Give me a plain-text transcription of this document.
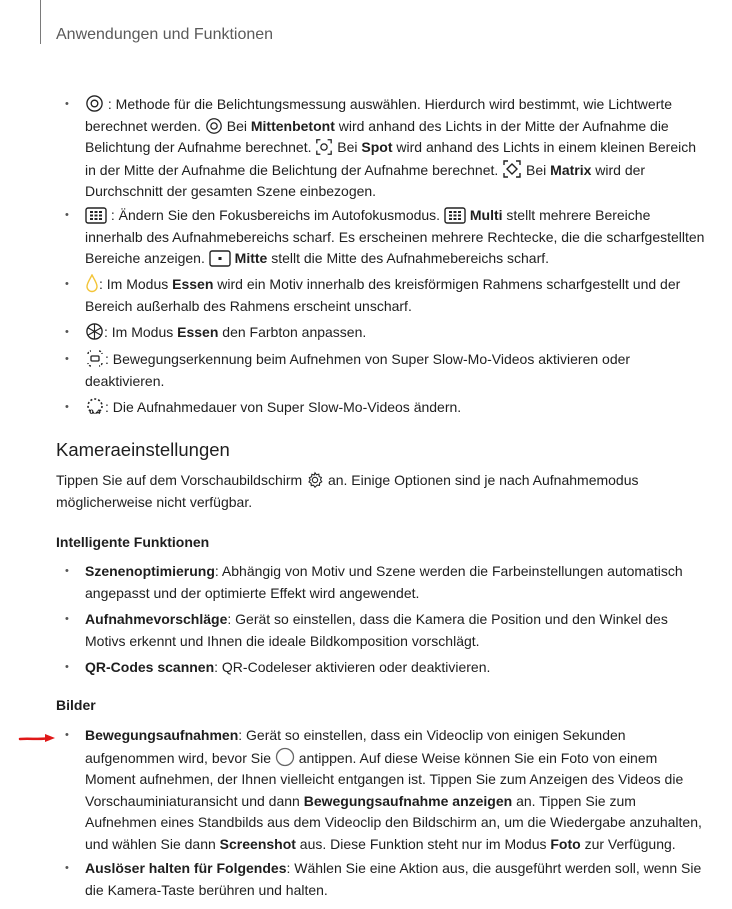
Anwendungen und Funktionen
• : Methode für die Belichtungsmessung auswählen. Hierdurch wird bestimmt, wie Lichtwerte berechnet werden.  Bei Mittenbetont wird anhand des Lichts in der Mitte der Aufnahme die Belichtung der Aufnahme berechnet.  Bei Spot wird anhand des Lichts in einem kleinen Bereich in der Mitte der Aufnahme die Belichtung der Aufnahme berechnet.  Bei Matrix wird der Durchschnitt der gesamten Szene einbezogen.
• : Ändern Sie den Fokusbereichs im Autofokusmodus. Multi stellt mehrere Bereiche innerhalb des Aufnahmebereichs scharf. Es erscheinen mehrere Rechtecke, die die scharfgestellten Bereiche anzeigen. Mitte stellt die Mitte des Aufnahmebereichs scharf.
• : Im Modus Essen wird ein Motiv innerhalb des kreisförmigen Rahmens scharfgestellt und der Bereich außerhalb des Rahmens erscheint unscharf.
• : Im Modus Essen den Farbton anpassen.
• : Bewegungserkennung beim Aufnehmen von Super Slow-Mo-Videos aktivieren oder deaktivieren.
• 0.4 : Die Aufnahmedauer von Super Slow-Mo-Videos ändern.
Kameraeinstellungen
Tippen Sie auf dem Vorschaubildschirm  an. Einige Optionen sind je nach Aufnahmemodus möglicherweise nicht verfügbar.
Intelligente Funktionen
• Szenenoptimierung: Abhängig von Motiv und Szene werden die Farbeinstellungen automatisch angepasst und der optimierte Effekt wird angewendet.
• Aufnahmevorschläge: Gerät so einstellen, dass die Kamera die Position und den Winkel des Motivs erkennt und Ihnen die ideale Bildkomposition vorschlägt.
• QR-Codes scannen: QR-Codeleser aktivieren oder deaktivieren.
Bilder
• Bewegungsaufnahmen: Gerät so einstellen, dass ein Videoclip von einigen Sekunden aufgenommen wird, bevor Sie  antippen. Auf diese Weise können Sie ein Foto von einem Moment aufnehmen, der Ihnen vielleicht entgangen ist. Tippen Sie zum Anzeigen des Videos die Vorschauminiaturansicht und dann Bewegungsaufnahme anzeigen an. Tippen Sie zum Aufnehmen eines Standbilds aus dem Videoclip den Bildschirm an, um die Wiedergabe anzuhalten, und wählen Sie dann Screenshot aus. Diese Funktion steht nur im Modus Foto zur Verfügung.
• Auslöser halten für Folgendes: Wählen Sie eine Aktion aus, die ausgeführt werden soll, wenn Sie die Kamera-Taste berühren und halten.
